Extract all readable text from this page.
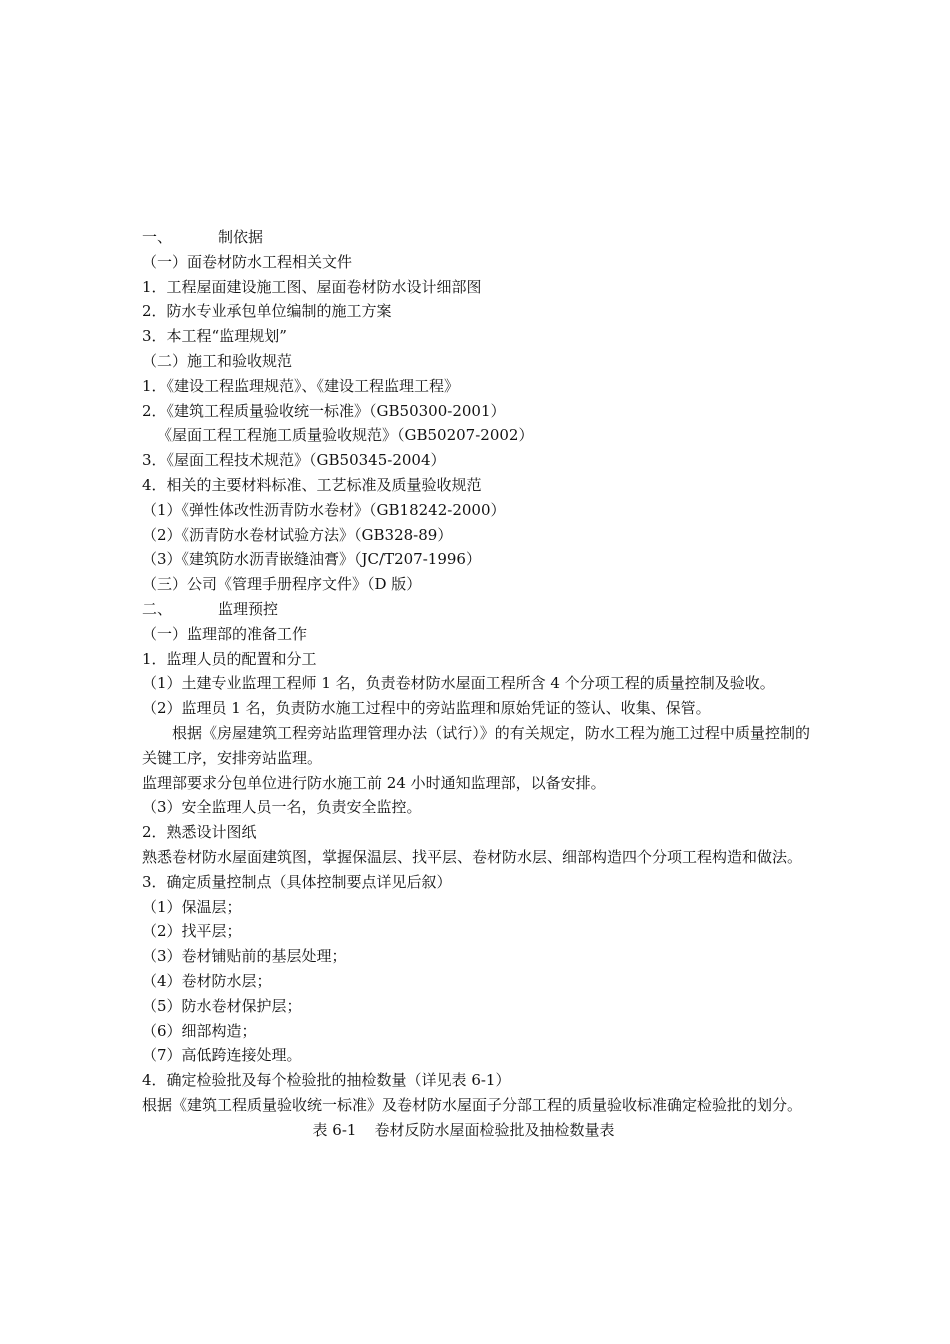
一、	制依据

（一）面卷材防水工程相关文件

1．工程屋面建设施工图、屋面卷材防水设计细部图

2．防水专业承包单位编制的施工方案

3．本工程“监理规划”

（二）施工和验收规范

1．《建设工程监理规范》、《建设工程监理工程》

2．《建筑工程质量验收统一标准》（GB50300-2001）

《屋面工程工程施工质量验收规范》（GB50207-2002）

3．《屋面工程技术规范》（GB50345-2004）

4．相关的主要材料标准、工艺标准及质量验收规范

（1）《弹性体改性沥青防水卷材》（GB18242-2000）

（2）《沥青防水卷材试验方法》（GB328-89）

（3）《建筑防水沥青嵌缝油膏》（JC/T207-1996）

（三）公司《管理手册程序文件》（D 版）

二、	监理预控

（一）监理部的准备工作

1．监理人员的配置和分工

（1）土建专业监理工程师 1 名，负责卷材防水屋面工程所含 4 个分项工程的质量控制及验收。

（2）监理员 1 名，负责防水施工过程中的旁站监理和原始凭证的签认、收集、保管。

根据《房屋建筑工程旁站监理管理办法（试行）》的有关规定，防水工程为施工过程中质量控制的关键工序，安排旁站监理。

监理部要求分包单位进行防水施工前 24 小时通知监理部，以备安排。

（3）安全监理人员一名，负责安全监控。

2．熟悉设计图纸

熟悉卷材防水屋面建筑图，掌握保温层、找平层、卷材防水层、细部构造四个分项工程构造和做法。

3．确定质量控制点（具体控制要点详见后叙）

（1）保温层；

（2）找平层；

（3）卷材铺贴前的基层处理；

（4）卷材防水层；

（5）防水卷材保护层；

（6）细部构造；

（7）高低跨连接处理。

4．确定检验批及每个检验批的抽检数量（详见表 6-1）

根据《建筑工程质量验收统一标准》及卷材防水屋面子分部工程的质量验收标准确定检验批的划分。

表 6-1 卷材反防水屋面检验批及抽检数量表
